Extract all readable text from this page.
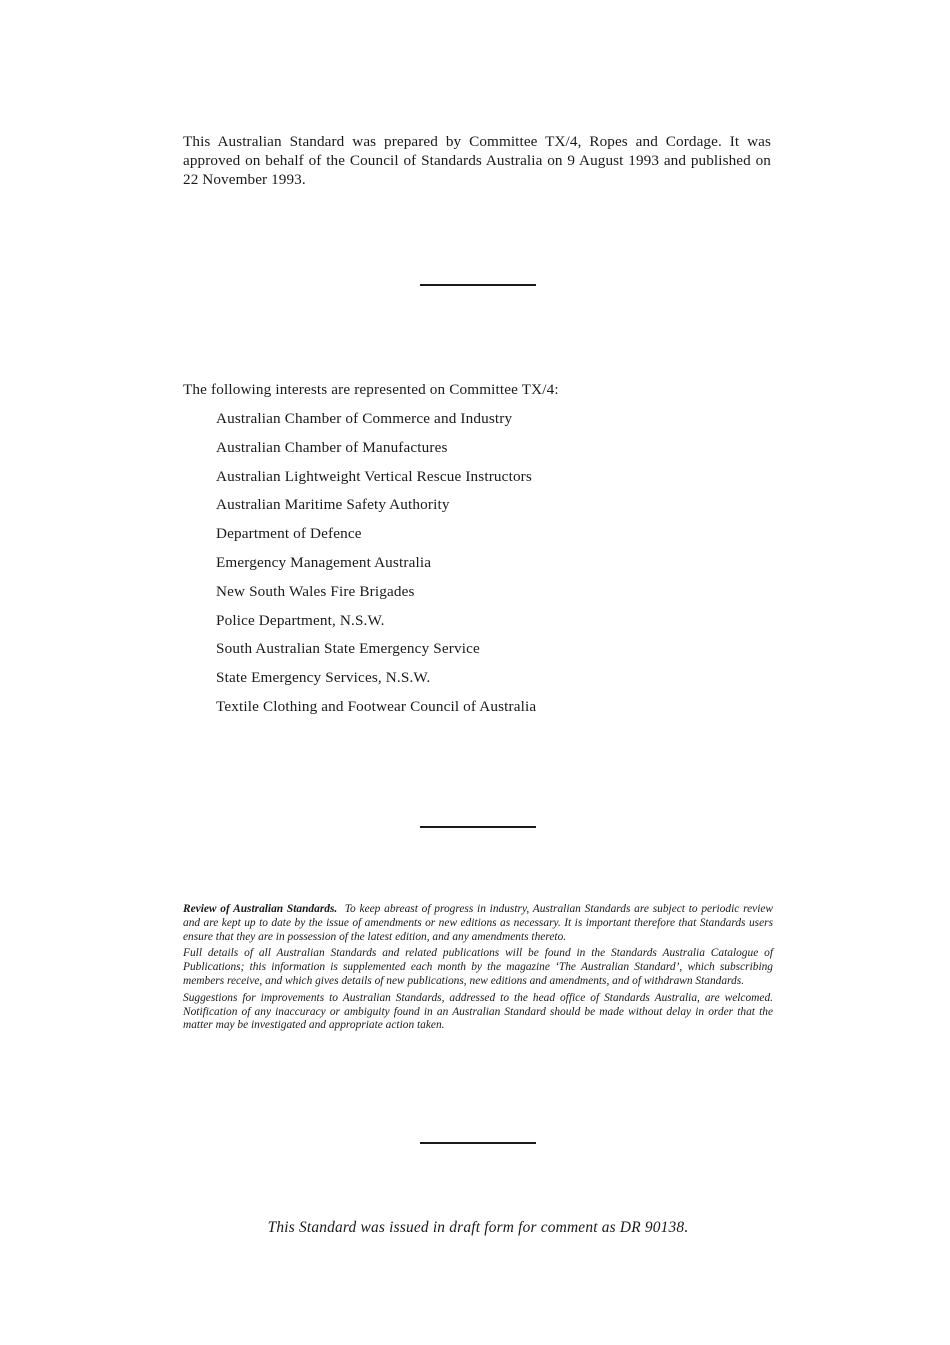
This Australian Standard was prepared by Committee TX/4, Ropes and Cordage. It was approved on behalf of the Council of Standards Australia on 9 August 1993 and published on 22 November 1993.

The following interests are represented on Committee TX/4:

Australian Chamber of Commerce and Industry
Australian Chamber of Manufactures
Australian Lightweight Vertical Rescue Instructors
Australian Maritime Safety Authority
Department of Defence
Emergency Management Australia
New South Wales Fire Brigades
Police Department, N.S.W.
South Australian State Emergency Service
State Emergency Services, N.S.W.
Textile Clothing and Footwear Council of Australia

Review of Australian Standards. To keep abreast of progress in industry, Australian Standards are subject to periodic review and are kept up to date by the issue of amendments or new editions as necessary. It is important therefore that Standards users ensure that they are in possession of the latest edition, and any amendments thereto.

Full details of all Australian Standards and related publications will be found in the Standards Australia Catalogue of Publications; this information is supplemented each month by the magazine ‘The Australian Standard’, which subscribing members receive, and which gives details of new publications, new editions and amendments, and of withdrawn Standards.

Suggestions for improvements to Australian Standards, addressed to the head office of Standards Australia, are welcomed. Notification of any inaccuracy or ambiguity found in an Australian Standard should be made without delay in order that the matter may be investigated and appropriate action taken.

This Standard was issued in draft form for comment as DR 90138.
